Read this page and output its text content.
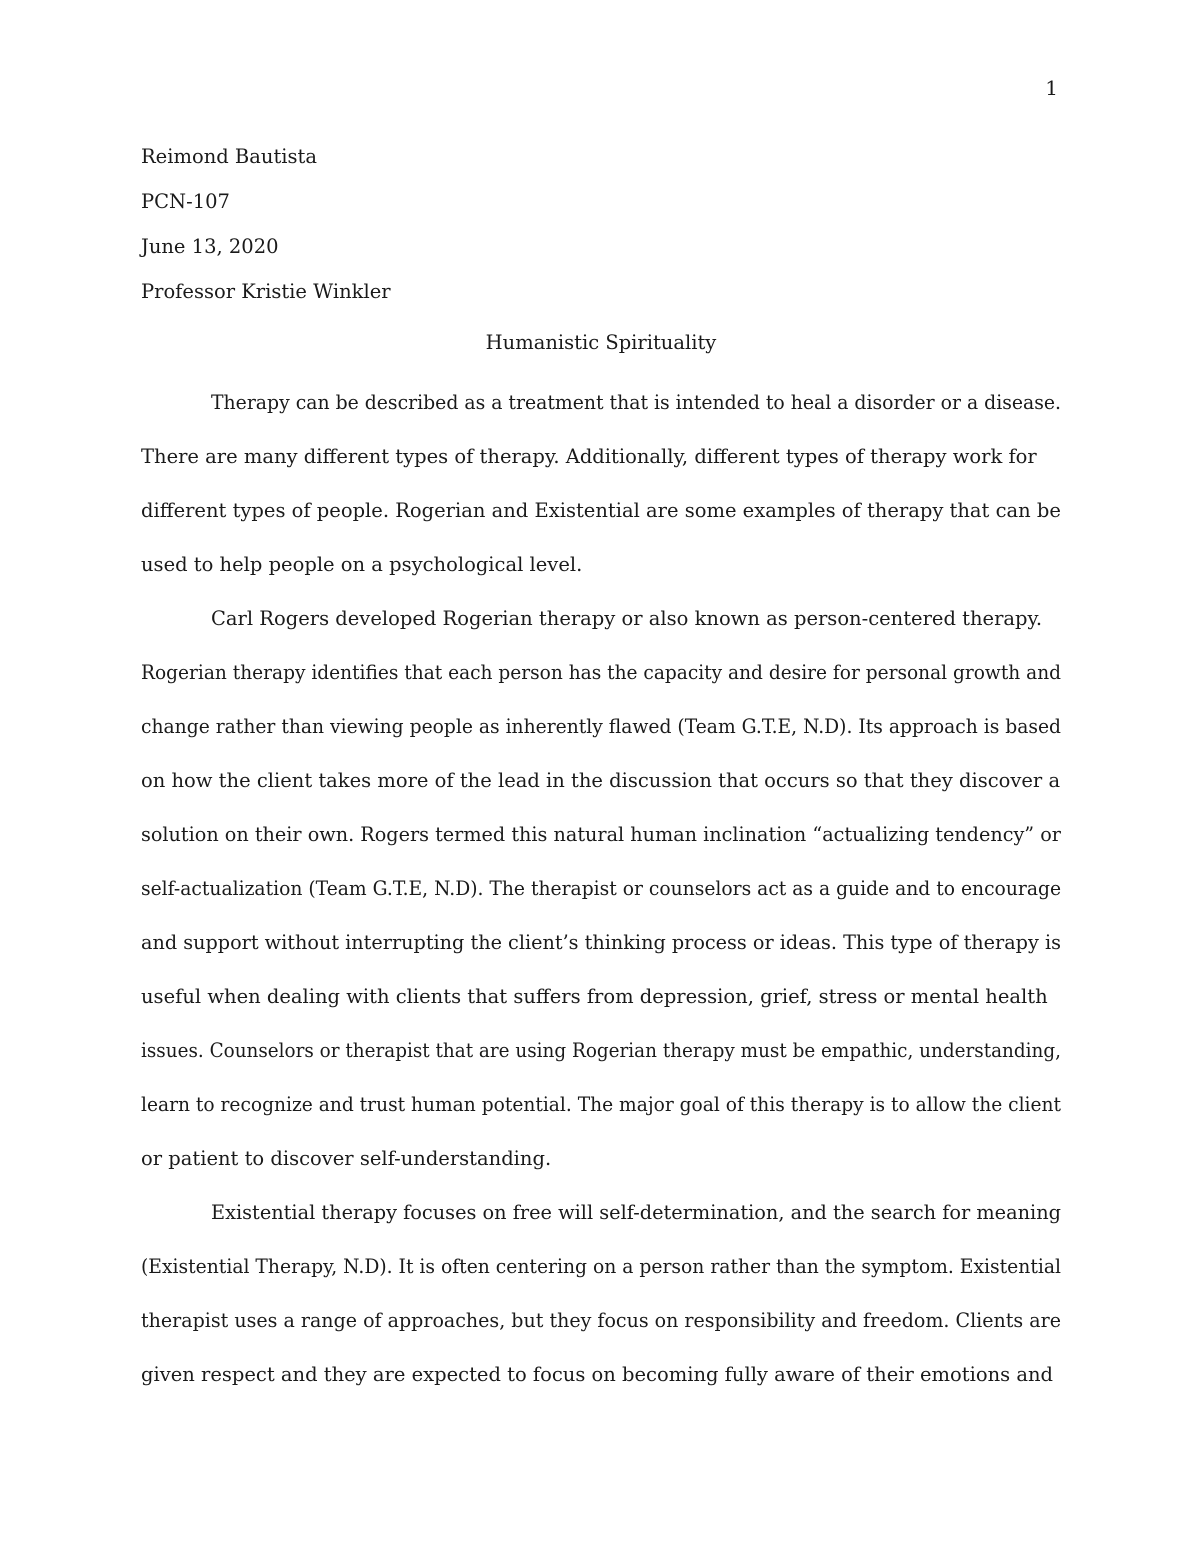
1
Reimond Bautista
PCN-107
June 13, 2020
Professor Kristie Winkler
Humanistic Spirituality
Therapy can be described as a treatment that is intended to heal a disorder or a disease.
There are many different types of therapy. Additionally, different types of therapy work for
different types of people. Rogerian and Existential are some examples of therapy that can be
used to help people on a psychological level.
Carl Rogers developed Rogerian therapy or also known as person-centered therapy.
Rogerian therapy identifies that each person has the capacity and desire for personal growth and
change rather than viewing people as inherently flawed (Team G.T.E, N.D). Its approach is based
on how the client takes more of the lead in the discussion that occurs so that they discover a
solution on their own. Rogers termed this natural human inclination “actualizing tendency” or
self-actualization (Team G.T.E, N.D). The therapist or counselors act as a guide and to encourage
and support without interrupting the client’s thinking process or ideas. This type of therapy is
useful when dealing with clients that suffers from depression, grief, stress or mental health
issues. Counselors or therapist that are using Rogerian therapy must be empathic, understanding,
learn to recognize and trust human potential. The major goal of this therapy is to allow the client
or patient to discover self-understanding.
Existential therapy focuses on free will self-determination, and the search for meaning
(Existential Therapy, N.D). It is often centering on a person rather than the symptom. Existential
therapist uses a range of approaches, but they focus on responsibility and freedom. Clients are
given respect and they are expected to focus on becoming fully aware of their emotions and
